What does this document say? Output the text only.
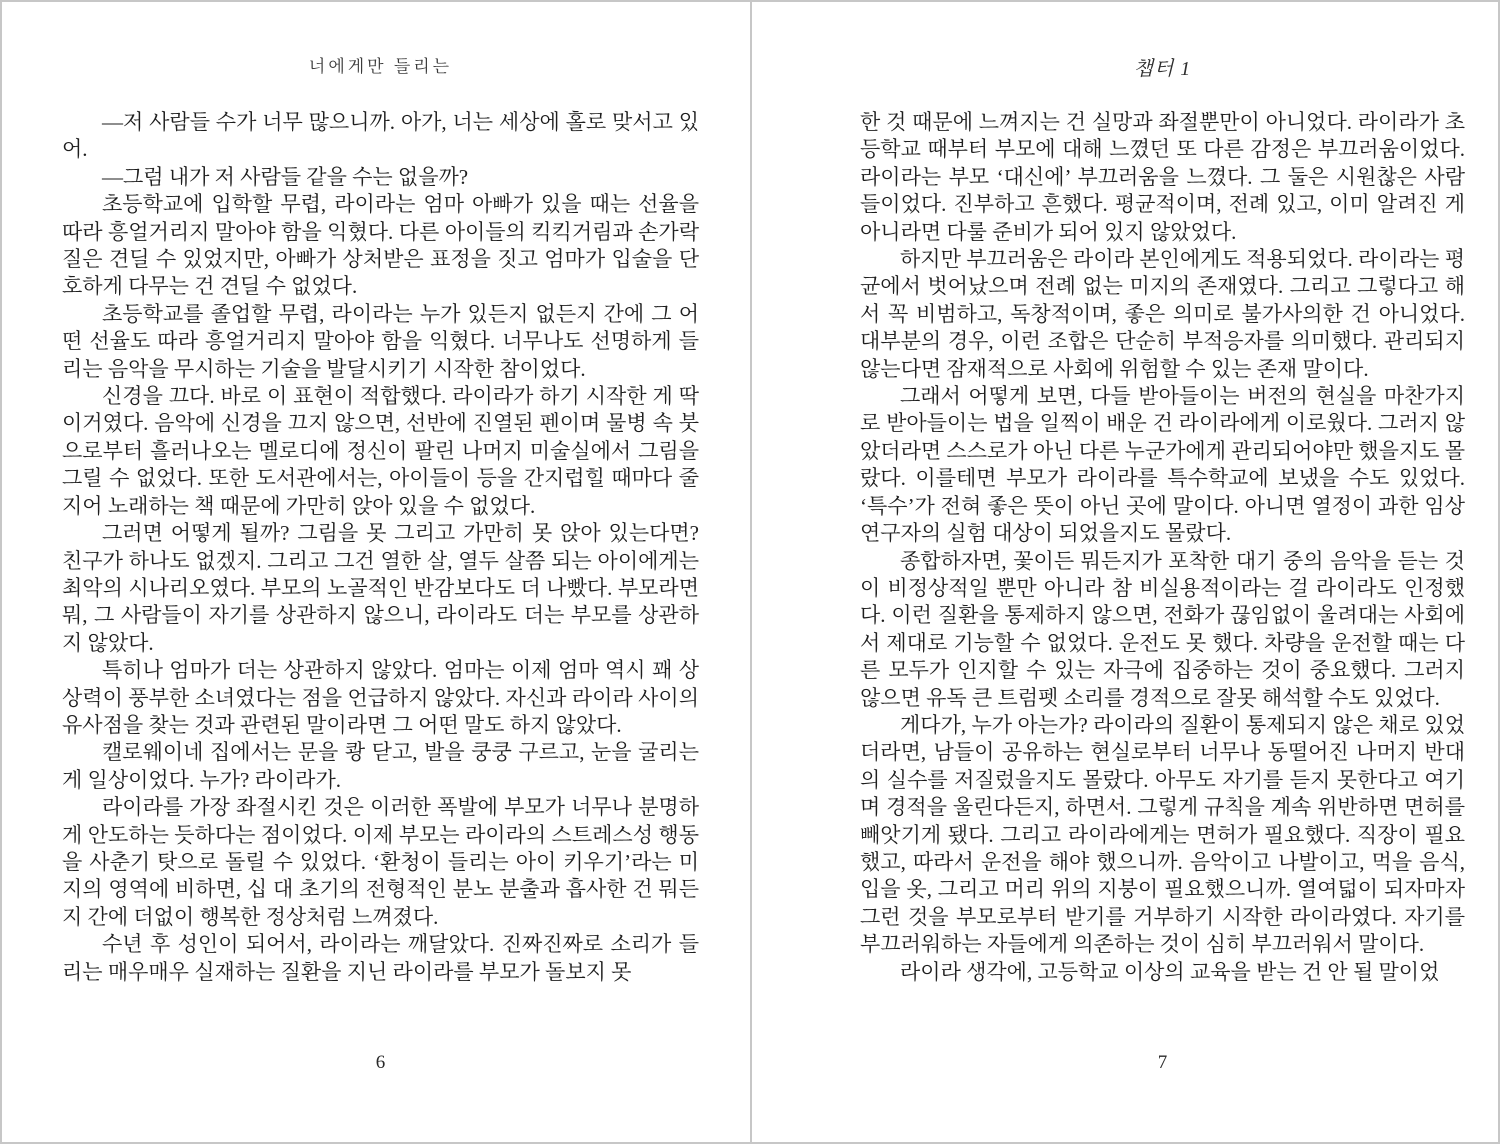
너에게만 들리는

—저 사람들 수가 너무 많으니까. 아가, 너는 세상에 홀로 맞서고 있어.

—그럼 내가 저 사람들 같을 수는 없을까?

초등학교에 입학할 무렵, 라이라는 엄마 아빠가 있을 때는 선율을 따라 흥얼거리지 말아야 함을 익혔다. 다른 아이들의 킥킥거림과 손가락질은 견딜 수 있었지만, 아빠가 상처받은 표정을 짓고 엄마가 입술을 단호하게 다무는 건 견딜 수 없었다.

초등학교를 졸업할 무렵, 라이라는 누가 있든지 없든지 간에 그 어떤 선율도 따라 흥얼거리지 말아야 함을 익혔다. 너무나도 선명하게 들리는 음악을 무시하는 기술을 발달시키기 시작한 참이었다.

신경을 끄다. 바로 이 표현이 적합했다. 라이라가 하기 시작한 게 딱 이거였다. 음악에 신경을 끄지 않으면, 선반에 진열된 펜이며 물병 속 붓으로부터 흘러나오는 멜로디에 정신이 팔린 나머지 미술실에서 그림을 그릴 수 없었다. 또한 도서관에서는, 아이들이 등을 간지럽힐 때마다 줄지어 노래하는 책 때문에 가만히 앉아 있을 수 없었다.

그러면 어떻게 될까? 그림을 못 그리고 가만히 못 앉아 있는다면? 친구가 하나도 없겠지. 그리고 그건 열한 살, 열두 살쯤 되는 아이에게는 최악의 시나리오였다. 부모의 노골적인 반감보다도 더 나빴다. 부모라면 뭐, 그 사람들이 자기를 상관하지 않으니, 라이라도 더는 부모를 상관하지 않았다.

특히나 엄마가 더는 상관하지 않았다. 엄마는 이제 엄마 역시 꽤 상상력이 풍부한 소녀였다는 점을 언급하지 않았다. 자신과 라이라 사이의 유사점을 찾는 것과 관련된 말이라면 그 어떤 말도 하지 않았다.

캘로웨이네 집에서는 문을 쾅 닫고, 발을 쿵쿵 구르고, 눈을 굴리는 게 일상이었다. 누가? 라이라가.

라이라를 가장 좌절시킨 것은 이러한 폭발에 부모가 너무나 분명하게 안도하는 듯하다는 점이었다. 이제 부모는 라이라의 스트레스성 행동을 사춘기 탓으로 돌릴 수 있었다. ‘환청이 들리는 아이 키우기’라는 미지의 영역에 비하면, 십 대 초기의 전형적인 분노 분출과 흡사한 건 뭐든지 간에 더없이 행복한 정상처럼 느껴졌다.

수년 후 성인이 되어서, 라이라는 깨달았다. 진짜진짜로 소리가 들리는 매우매우 실재하는 질환을 지닌 라이라를 부모가 돌보지 못

6
챕터 1

한 것 때문에 느껴지는 건 실망과 좌절뿐만이 아니었다. 라이라가 초등학교 때부터 부모에 대해 느꼈던 또 다른 감정은 부끄러움이었다. 라이라는 부모 ‘대신에’ 부끄러움을 느꼈다. 그 둘은 시원찮은 사람들이었다. 진부하고 흔했다. 평균적이며, 전례 있고, 이미 알려진 게 아니라면 다룰 준비가 되어 있지 않았었다.

하지만 부끄러움은 라이라 본인에게도 적용되었다. 라이라는 평균에서 벗어났으며 전례 없는 미지의 존재였다. 그리고 그렇다고 해서 꼭 비범하고, 독창적이며, 좋은 의미로 불가사의한 건 아니었다. 대부분의 경우, 이런 조합은 단순히 부적응자를 의미했다. 관리되지 않는다면 잠재적으로 사회에 위험할 수 있는 존재 말이다.

그래서 어떻게 보면, 다들 받아들이는 버전의 현실을 마찬가지로 받아들이는 법을 일찍이 배운 건 라이라에게 이로웠다. 그러지 않았더라면 스스로가 아닌 다른 누군가에게 관리되어야만 했을지도 몰랐다. 이를테면 부모가 라이라를 특수학교에 보냈을 수도 있었다. ‘특수’가 전혀 좋은 뜻이 아닌 곳에 말이다. 아니면 열정이 과한 임상 연구자의 실험 대상이 되었을지도 몰랐다.

종합하자면, 꽃이든 뭐든지가 포착한 대기 중의 음악을 듣는 것이 비정상적일 뿐만 아니라 참 비실용적이라는 걸 라이라도 인정했다. 이런 질환을 통제하지 않으면, 전화가 끊임없이 울려대는 사회에서 제대로 기능할 수 없었다. 운전도 못 했다. 차량을 운전할 때는 다른 모두가 인지할 수 있는 자극에 집중하는 것이 중요했다. 그러지 않으면 유독 큰 트럼펫 소리를 경적으로 잘못 해석할 수도 있었다.

게다가, 누가 아는가? 라이라의 질환이 통제되지 않은 채로 있었더라면, 남들이 공유하는 현실로부터 너무나 동떨어진 나머지 반대의 실수를 저질렀을지도 몰랐다. 아무도 자기를 듣지 못한다고 여기며 경적을 울린다든지, 하면서. 그렇게 규칙을 계속 위반하면 면허를 빼앗기게 됐다. 그리고 라이라에게는 면허가 필요했다. 직장이 필요했고, 따라서 운전을 해야 했으니까. 음악이고 나발이고, 먹을 음식, 입을 옷, 그리고 머리 위의 지붕이 필요했으니까. 열여덟이 되자마자 그런 것을 부모로부터 받기를 거부하기 시작한 라이라였다. 자기를 부끄러워하는 자들에게 의존하는 것이 심히 부끄러워서 말이다.

라이라 생각에, 고등학교 이상의 교육을 받는 건 안 될 말이었

7
